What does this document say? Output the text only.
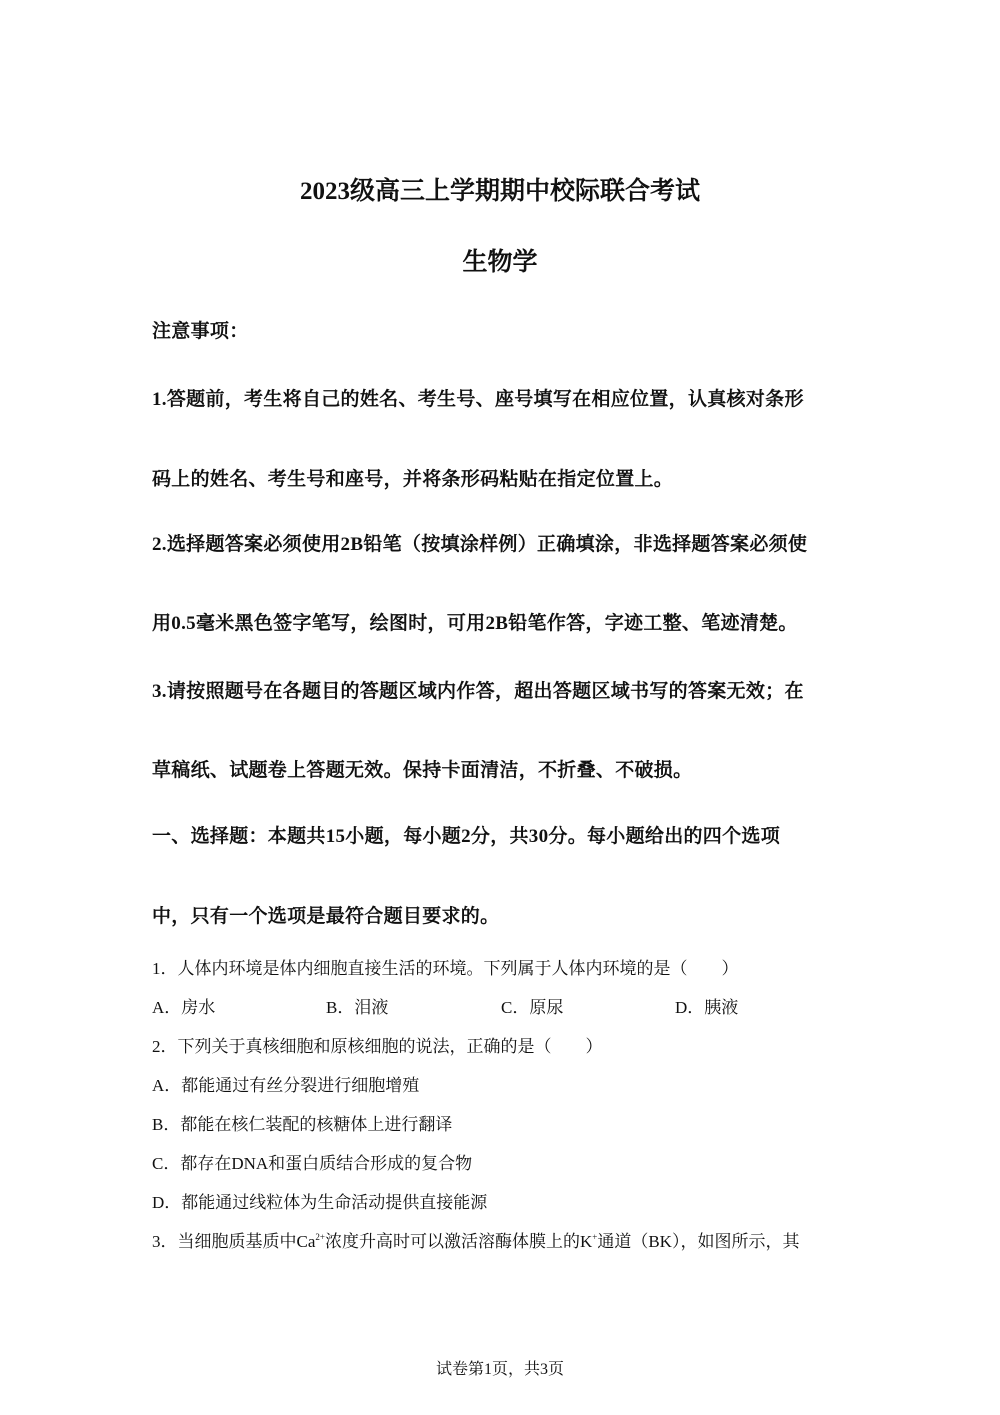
2023级高三上学期期中校际联合考试
生物学
注意事项：
1.答题前，考生将自己的姓名、考生号、座号填写在相应位置，认真核对条形
码上的姓名、考生号和座号，并将条形码粘贴在指定位置上。
2.选择题答案必须使用2B铅笔（按填涂样例）正确填涂，非选择题答案必须使
用0.5毫米黑色签字笔写，绘图时，可用2B铅笔作答，字迹工整、笔迹清楚。
3.请按照题号在各题目的答题区域内作答，超出答题区域书写的答案无效；在
草稿纸、试题卷上答题无效。保持卡面清洁，不折叠、不破损。
一、选择题：本题共15小题，每小题2分，共30分。每小题给出的四个选项
中，只有一个选项是最符合题目要求的。
1．人体内环境是体内细胞直接生活的环境。下列属于人体内环境的是（　　）
A．房水	B．泪液	C．原尿	D．胰液
2．下列关于真核细胞和原核细胞的说法，正确的是（　　）
A．都能通过有丝分裂进行细胞增殖
B．都能在核仁装配的核糖体上进行翻译
C．都存在DNA和蛋白质结合形成的复合物
D．都能通过线粒体为生命活动提供直接能源
3．当细胞质基质中$Ca^{2+}$浓度升高时可以激活溶酶体膜上的K+通道（BK），如图所示，其
试卷第1页，共3页
